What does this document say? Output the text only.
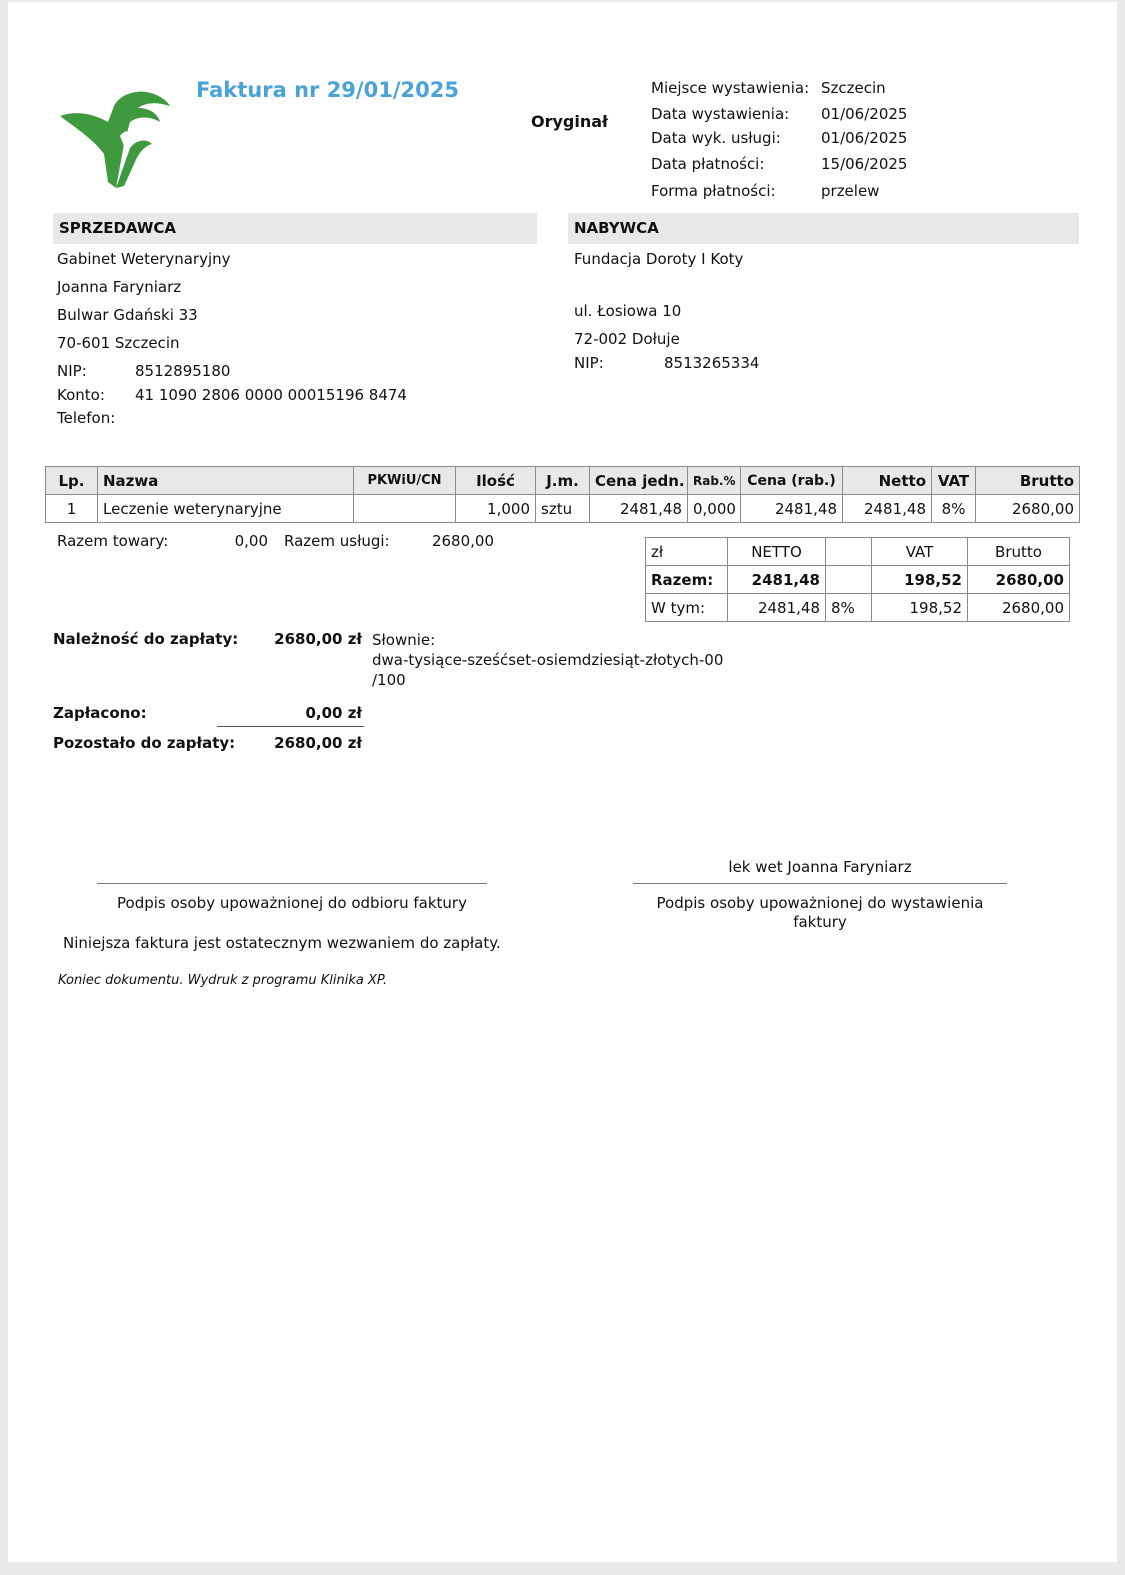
Faktura nr 29/01/2025
Oryginał
Miejsce wystawienia: Szczecin
Data wystawienia: 01/06/2025
Data wyk. usługi:	01/06/2025
Data płatności:	15/06/2025
Forma płatności:	przelew
SPRZEDAWCA	NABYWCA
Gabinet Weterynaryjny
Joanna Faryniarz
Bulwar Gdański 33
70-601 Szczecin
NIP:	8512895180
Konto: 41 1090 2806 0000 00015196 8474
Telefon:
Fundacja Doroty I Koty
ul. Łosiowa 10
72-002 Dołuje
NIP:	8513265334
Lp.	Nazwa	PKWiU/CN	Ilość	J.m.	Cena jedn.	Rab.%	Cena (rab.)	Netto	VAT	Brutto
1	Leczenie weterynaryjne		1,000	sztu	2481,48	0,000	2481,48	2481,48	8%	2680,00
Razem towary:	0,00 Razem usługi:	2680,00
zł	NETTO		VAT	Brutto
Razem:	2481,48		198,52	2680,00
W tym:	2481,48	8%	198,52	2680,00
Należność do zapłaty:	2680,00 zł Słownie:
dwa-tysiące-sześćset-osiemdziesiąt-złotych-00
/100
Zapłacono:	0,00 zł
Pozostało do zapłaty:	2680,00 zł
lek wet Joanna Faryniarz
Podpis osoby upoważnionej do odbioru faktury	Podpis osoby upoważnionej do wystawienia
faktury
Niniejsza faktura jest ostatecznym wezwaniem do zapłaty.
Koniec dokumentu. Wydruk z programu Klinika XP.
